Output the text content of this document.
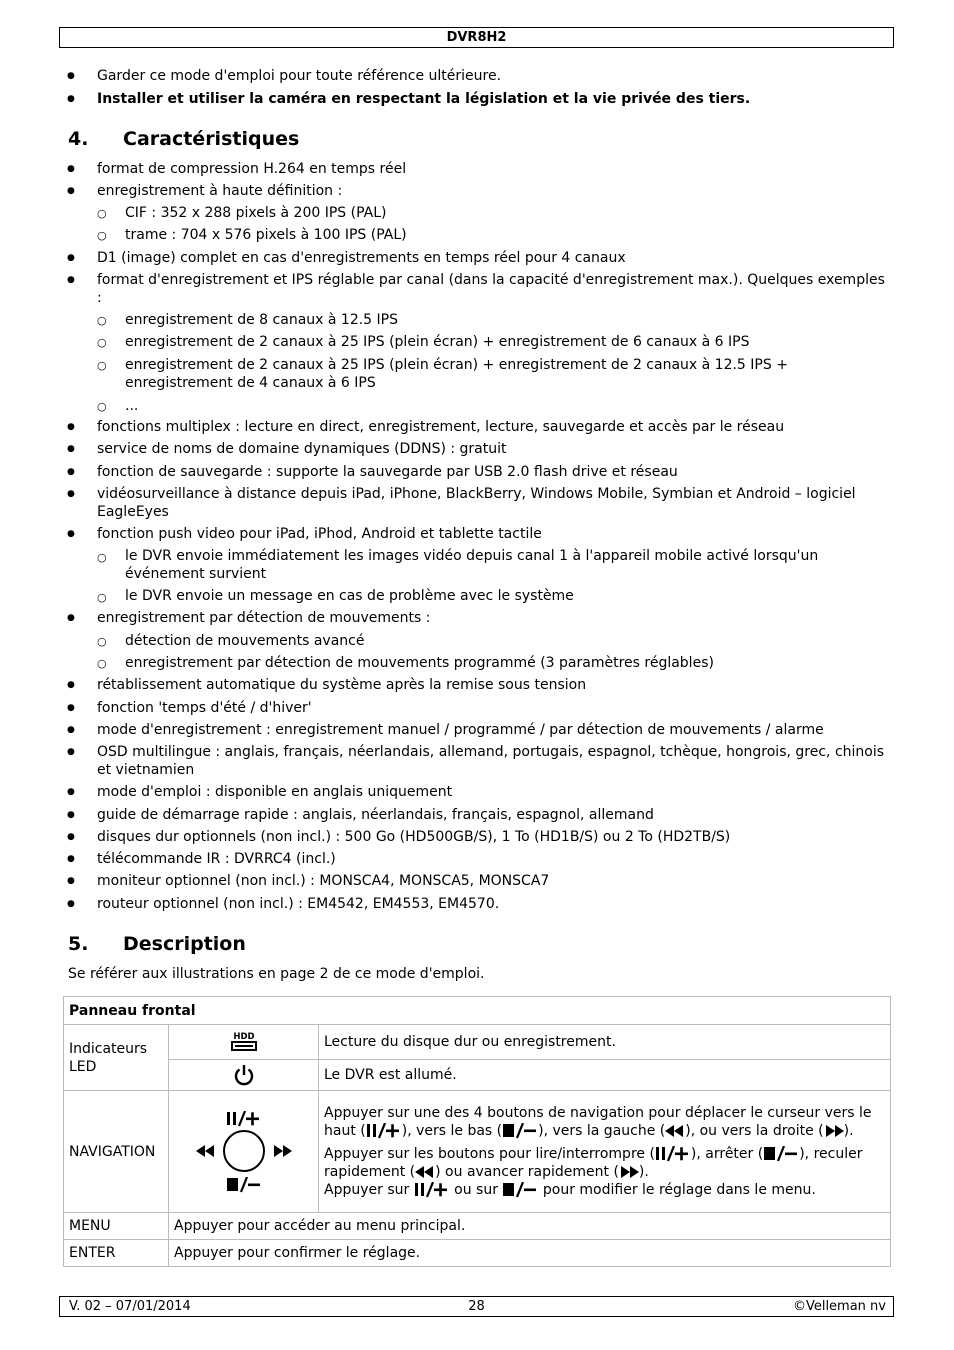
DVR8H2
● Garder ce mode d'emploi pour toute référence ultérieure.
● Installer et utiliser la caméra en respectant la législation et la vie privée des tiers.
4. Caractéristiques
● format de compression H.264 en temps réel
● enregistrement à haute définition :
○ CIF : 352 x 288 pixels à 200 IPS (PAL)
○ trame : 704 x 576 pixels à 100 IPS (PAL)
● D1 (image) complet en cas d'enregistrements en temps réel pour 4 canaux
● format d'enregistrement et IPS réglable par canal (dans la capacité d'enregistrement max.). Quelques exemples :
○ enregistrement de 8 canaux à 12.5 IPS
○ enregistrement de 2 canaux à 25 IPS (plein écran) + enregistrement de 6 canaux à 6 IPS
○ enregistrement de 2 canaux à 25 IPS (plein écran) + enregistrement de 2 canaux à 12.5 IPS + enregistrement de 4 canaux à 6 IPS
○ ...
● fonctions multiplex : lecture en direct, enregistrement, lecture, sauvegarde et accès par le réseau
● service de noms de domaine dynamiques (DDNS) : gratuit
● fonction de sauvegarde : supporte la sauvegarde par USB 2.0 flash drive et réseau
● vidéosurveillance à distance depuis iPad, iPhone, BlackBerry, Windows Mobile, Symbian et Android – logiciel EagleEyes
● fonction push video pour iPad, iPhod, Android et tablette tactile
○ le DVR envoie immédiatement les images vidéo depuis canal 1 à l'appareil mobile activé lorsqu'un événement survient
○ le DVR envoie un message en cas de problème avec le système
● enregistrement par détection de mouvements :
○ détection de mouvements avancé
○ enregistrement par détection de mouvements programmé (3 paramètres réglables)
● rétablissement automatique du système après la remise sous tension
● fonction 'temps d'été / d'hiver'
● mode d'enregistrement : enregistrement manuel / programmé / par détection de mouvements / alarme
● OSD multilingue : anglais, français, néerlandais, allemand, portugais, espagnol, tchèque, hongrois, grec, chinois et vietnamien
● mode d'emploi : disponible en anglais uniquement
● guide de démarrage rapide : anglais, néerlandais, français, espagnol, allemand
● disques dur optionnels (non incl.) : 500 Go (HD500GB/S), 1 To (HD1B/S) ou 2 To (HD2TB/S)
● télécommande IR : DVRRC4 (incl.)
● moniteur optionnel (non incl.) : MONSCA4, MONSCA5, MONSCA7
● routeur optionnel (non incl.) : EM4542, EM4553, EM4570.
5. Description
Se référer aux illustrations en page 2 de ce mode d'emploi.
Panneau frontal		
Indicateurs LED	HDD	Lecture du disque dur ou enregistrement.
	Le DVR est allumé.
NAVIGATION		Appuyer sur une des 4 boutons de navigation pour déplacer le curseur vers le haut ( ), vers le bas ( ), vers la gauche ( ), ou vers la droite ( ).
Appuyer sur les boutons pour lire/interrompre ( ), arrêter ( ), reculer rapidement ( ) ou avancer rapidement ( ).
Appuyer sur ou sur pour modifier le réglage dans le menu.

MENU	Appuyer pour accéder au menu principal.	
ENTER	Appuyer pour confirmer le réglage.	
V. 02 – 07/01/2014	28	©Velleman nv
